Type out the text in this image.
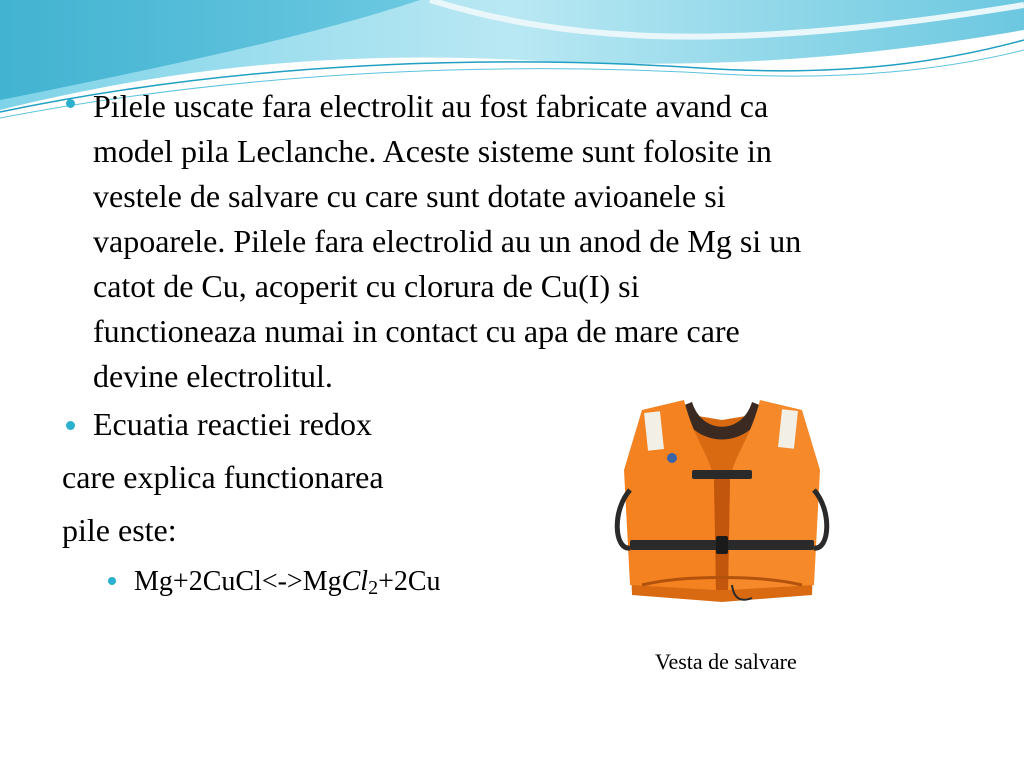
Pilele uscate fara electrolit au fost fabricate avand ca
model pila Leclanche. Aceste sisteme sunt folosite in
vestele de salvare cu care sunt dotate avioanele si
vapoarele. Pilele fara electrolid au un anod de Mg si un
catot de Cu, acoperit cu clorura de Cu(I) si
functioneaza numai in contact cu apa de mare care
devine electrolitul.
Ecuatia reactiei redox
care explica functionarea
pile este:
Mg+2CuCl<->MgCl$_2$+2Cu
Vesta de salvare
